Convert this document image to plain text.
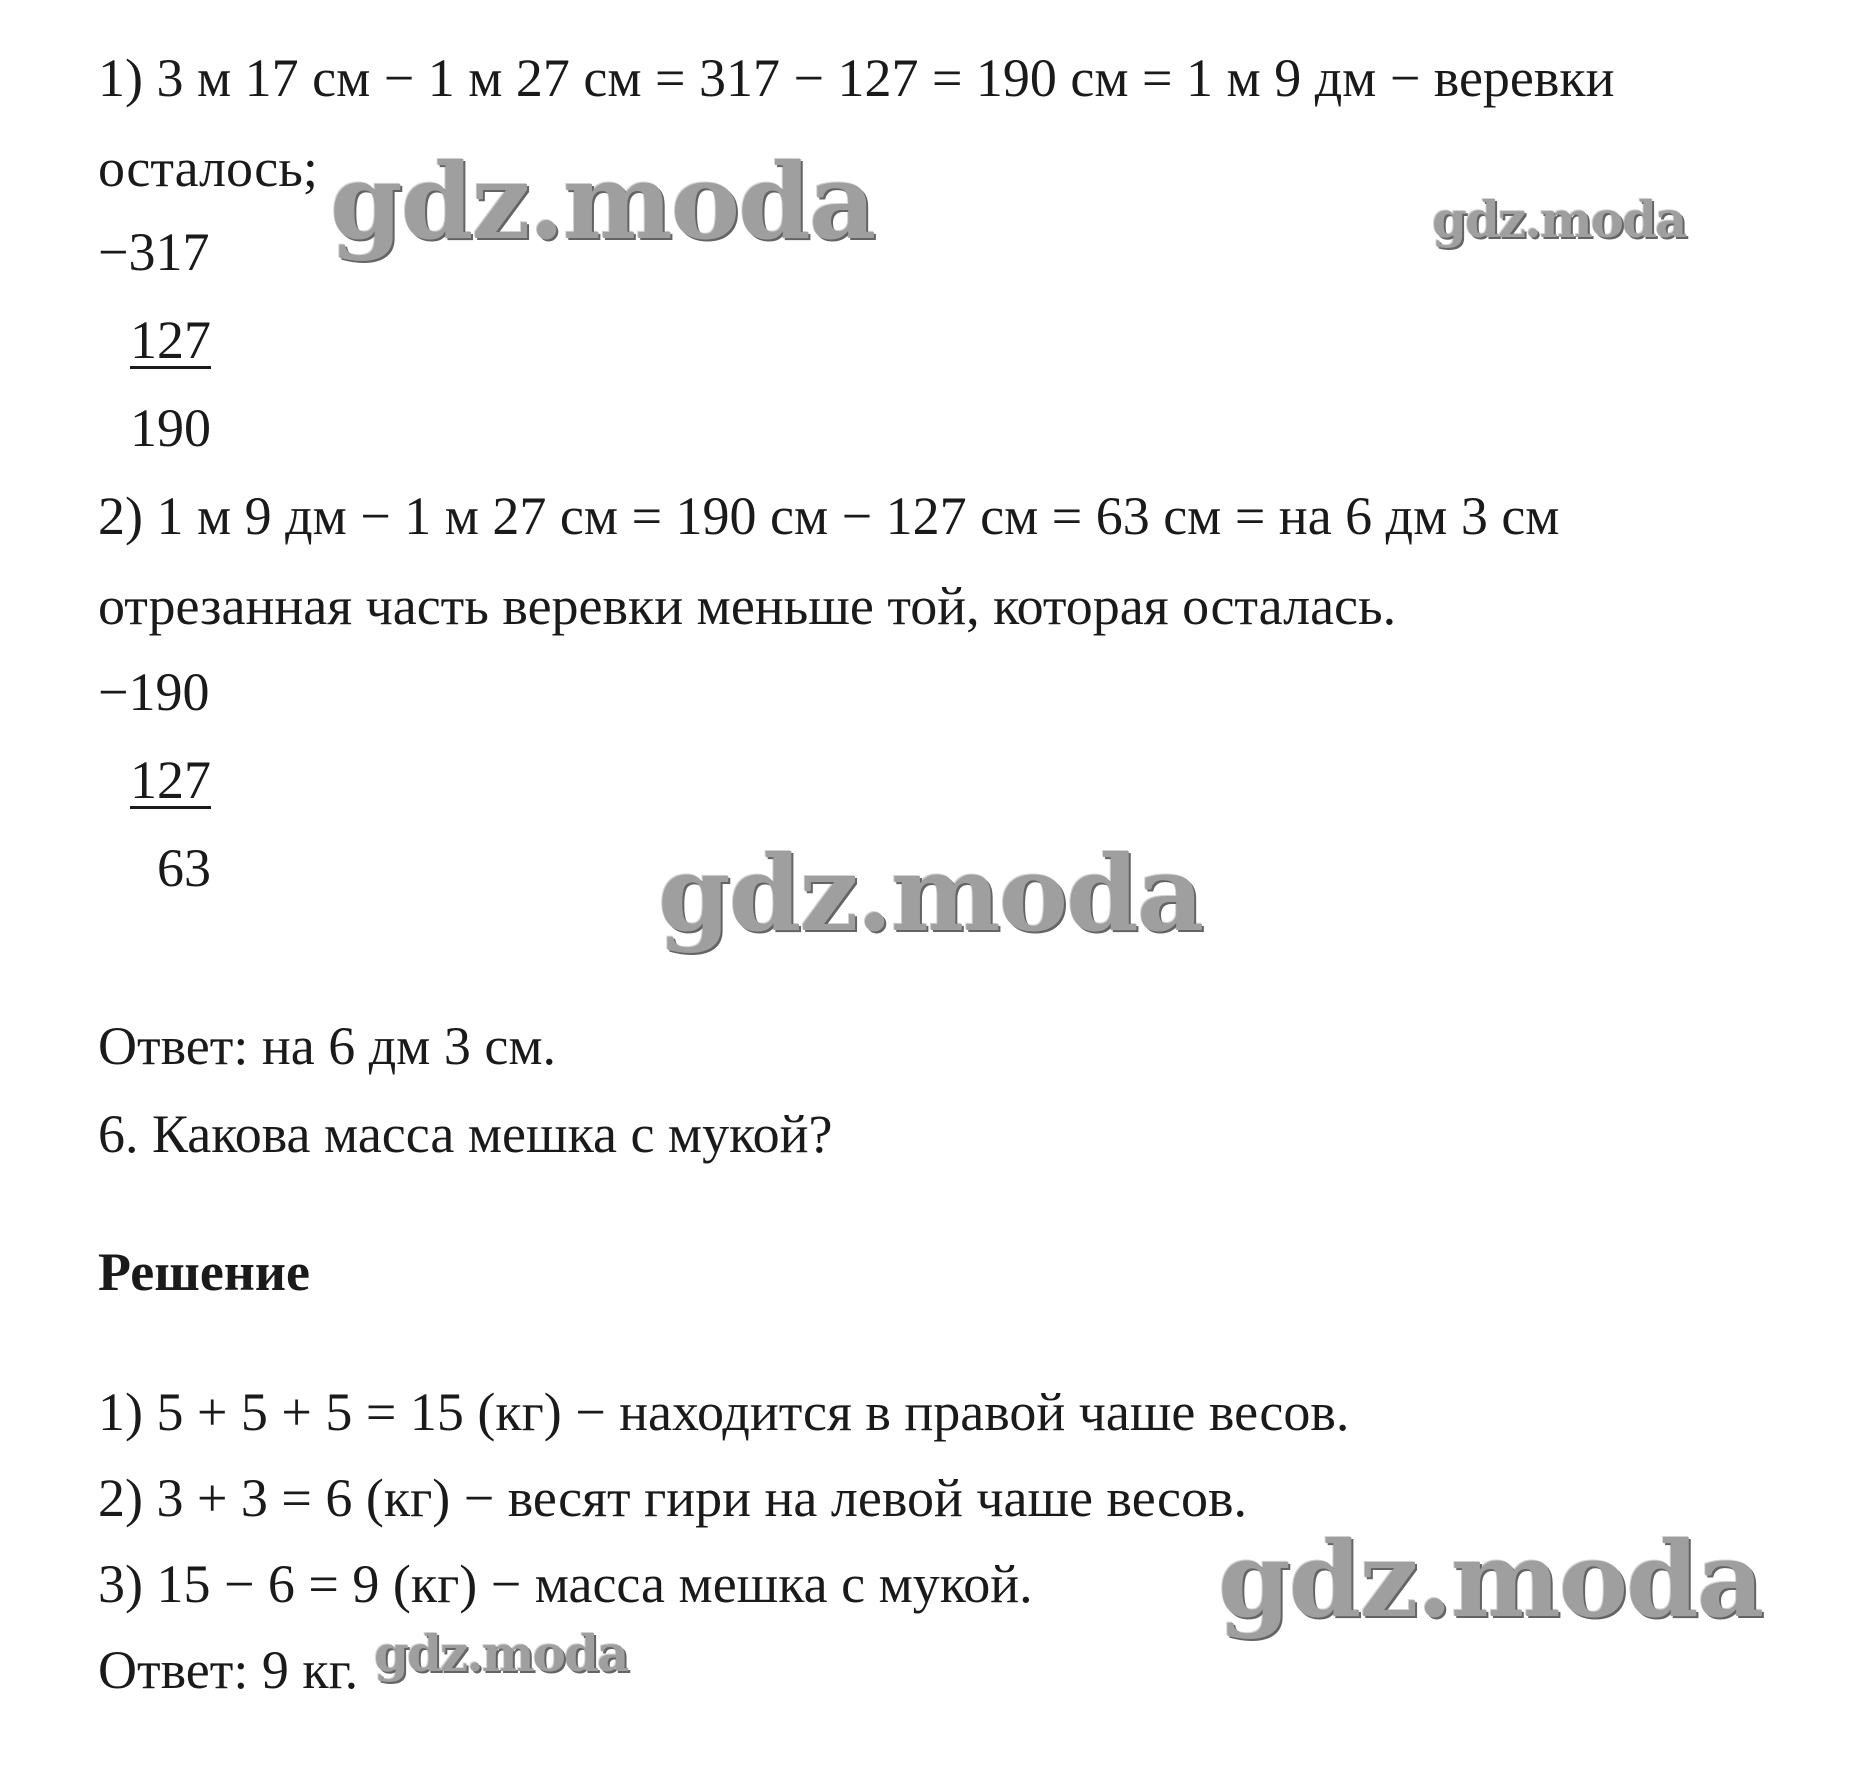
1) 3 м 17 см − 1 м 27 см = 317 − 127 = 190 см = 1 м 9 дм − веревки
осталось;
−317
127
190
2) 1 м 9 дм − 1 м 27 см = 190 см − 127 см = 63 см = на 6 дм 3 см
отрезанная часть веревки меньше той, которая осталась.
−190
127
63
Ответ: на 6 дм 3 см.
6. Какова масса мешка с мукой?
Решение
1) 5 + 5 + 5 = 15 (кг) − находится в правой чаше весов.
2) 3 + 3 = 6 (кг) − весят гири на левой чаше весов.
3) 15 − 6 = 9 (кг) − масса мешка с мукой.
Ответ: 9 кг.
gdz.moda	gdz.moda
gdz.moda
gdz.moda
gdz.moda
